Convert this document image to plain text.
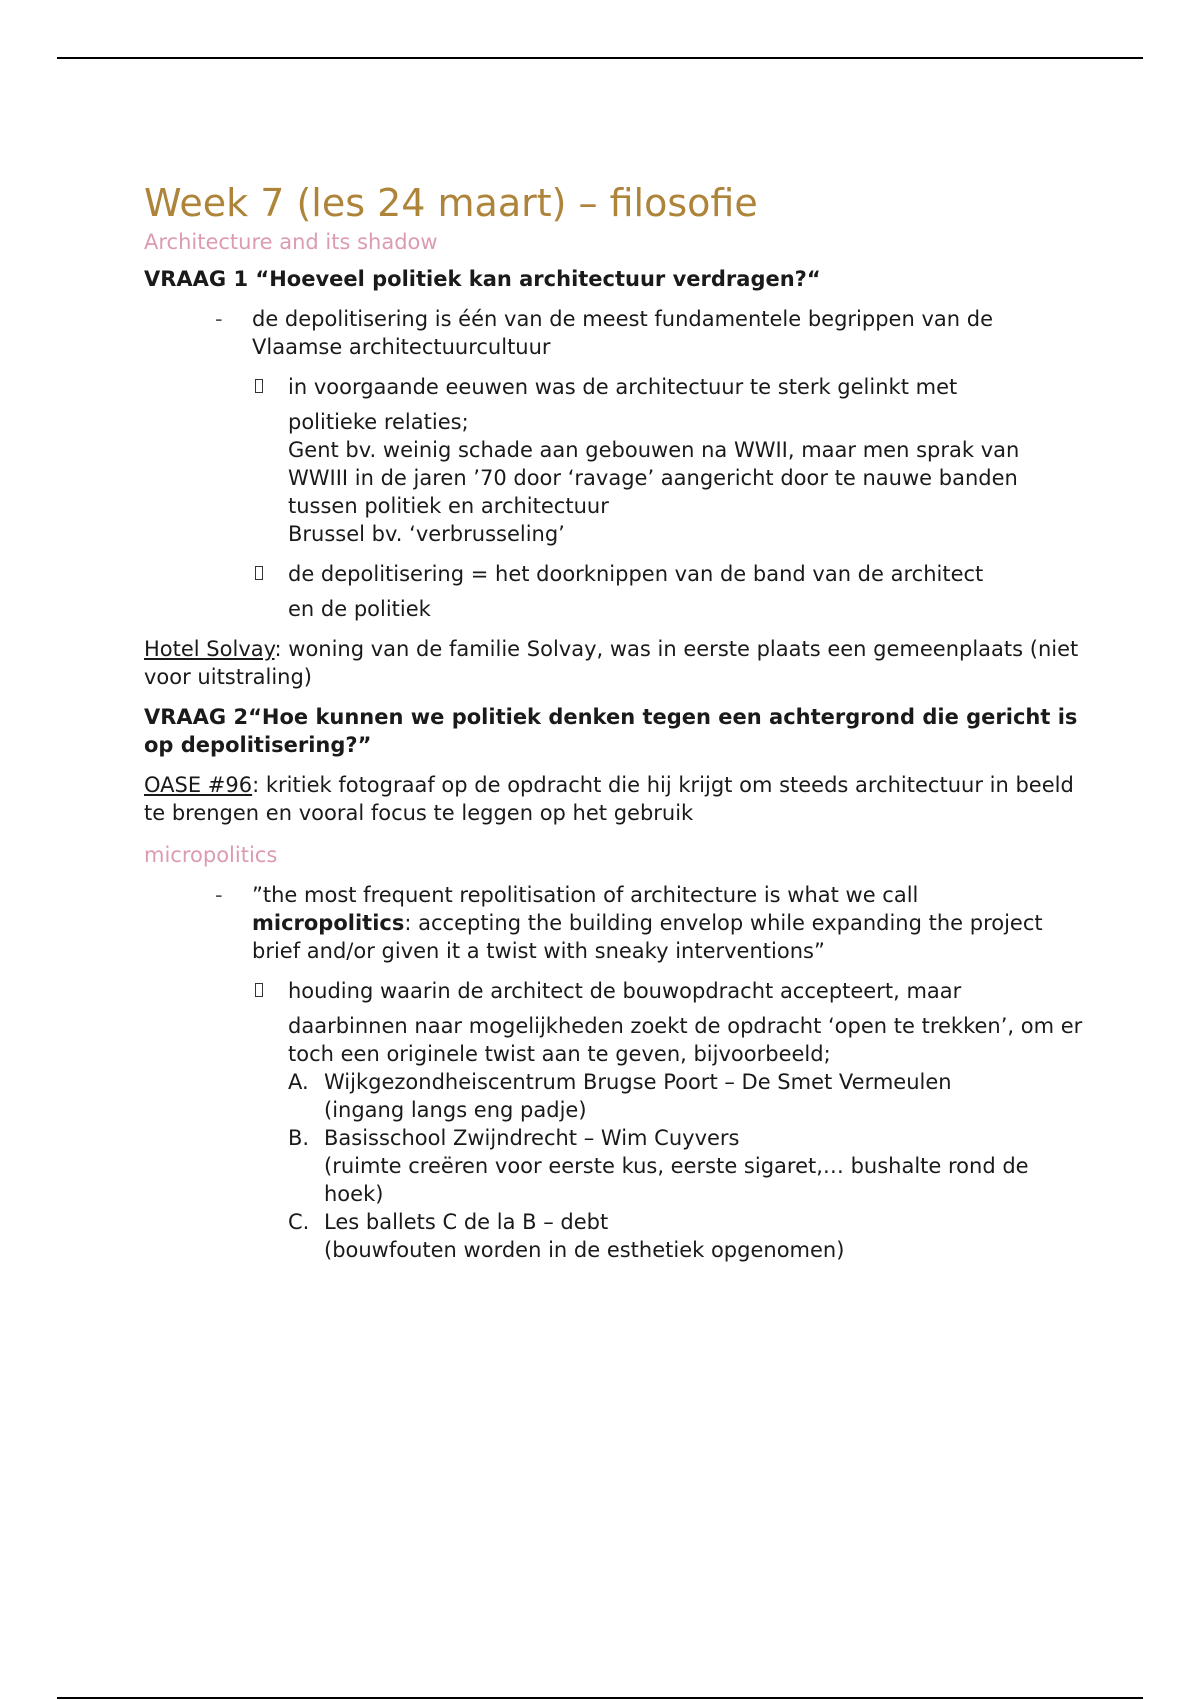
Week 7 (les 24 maart) – filosofie
Architecture and its shadow
VRAAG 1 “Hoeveel politiek kan architectuur verdragen?“
- de depolitisering is één van de meest fundamentele begrippen van de Vlaamse architectuurcultuur
in voorgaande eeuwen was de architectuur te sterk gelinkt met
politieke relaties;
Gent bv. weinig schade aan gebouwen na WWII, maar men sprak van WWIII in de jaren ’70 door ‘ravage’ aangericht door te nauwe banden tussen politiek en architectuur
Brussel bv. ‘verbrusseling’
de depolitisering = het doorknippen van de band van de architect
en de politiek

Hotel Solvay: woning van de familie Solvay, was in eerste plaats een gemeenplaats (niet voor uitstraling)

VRAAG 2“Hoe kunnen we politiek denken tegen een achtergrond die gericht is op depolitisering?”

OASE #96: kritiek fotograaf op de opdracht die hij krijgt om steeds architectuur in beeld te brengen en vooral focus te leggen op het gebruik

micropolitics
- ”the most frequent repolitisation of architecture is what we call micropolitics: accepting the building envelop while expanding the project brief and/or given it a twist with sneaky interventions”
houding waarin de architect de bouwopdracht accepteert, maar
daarbinnen naar mogelijkheden zoekt de opdracht ‘open te trekken’, om er toch een originele twist aan te geven, bijvoorbeeld;
A. Wijkgezondheiscentrum Brugse Poort – De Smet Vermeulen
(ingang langs eng padje)
B. Basisschool Zwijndrecht – Wim Cuyvers
(ruimte creëren voor eerste kus, eerste sigaret,… bushalte rond de hoek)
C. Les ballets C de la B – debt
(bouwfouten worden in de esthetiek opgenomen)
